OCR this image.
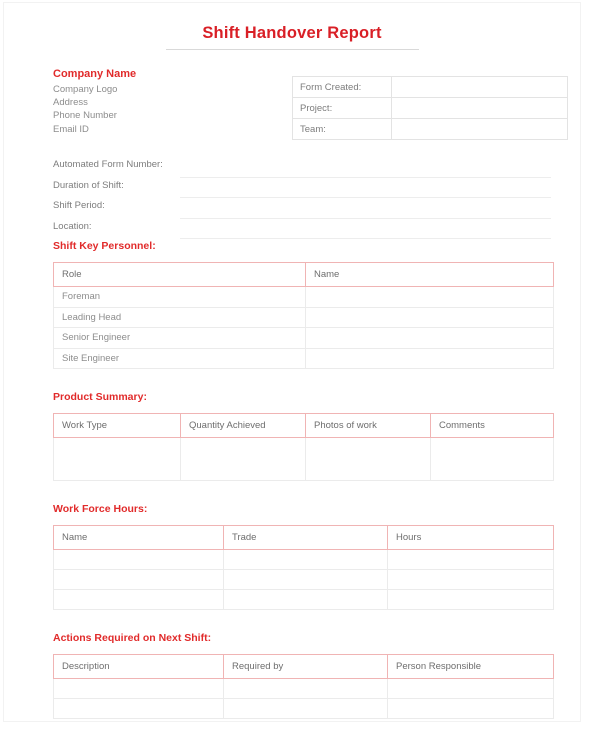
Shift Handover Report
Company Name
Company Logo
Address
Phone Number
Email ID
Form Created:	
Project:	
Team:	
Automated Form Number:
Duration of Shift:
Shift Period:
Location:
Shift Key Personnel:
Role	Name
Foreman	
Leading Head	
Senior Engineer	
Site Engineer	
Product Summary:
Work Type	Quantity Achieved	Photos of work	Comments

Work Force Hours:
Name	Trade	Hours

Actions Required on Next Shift:
Description	Required by	Person Responsible
